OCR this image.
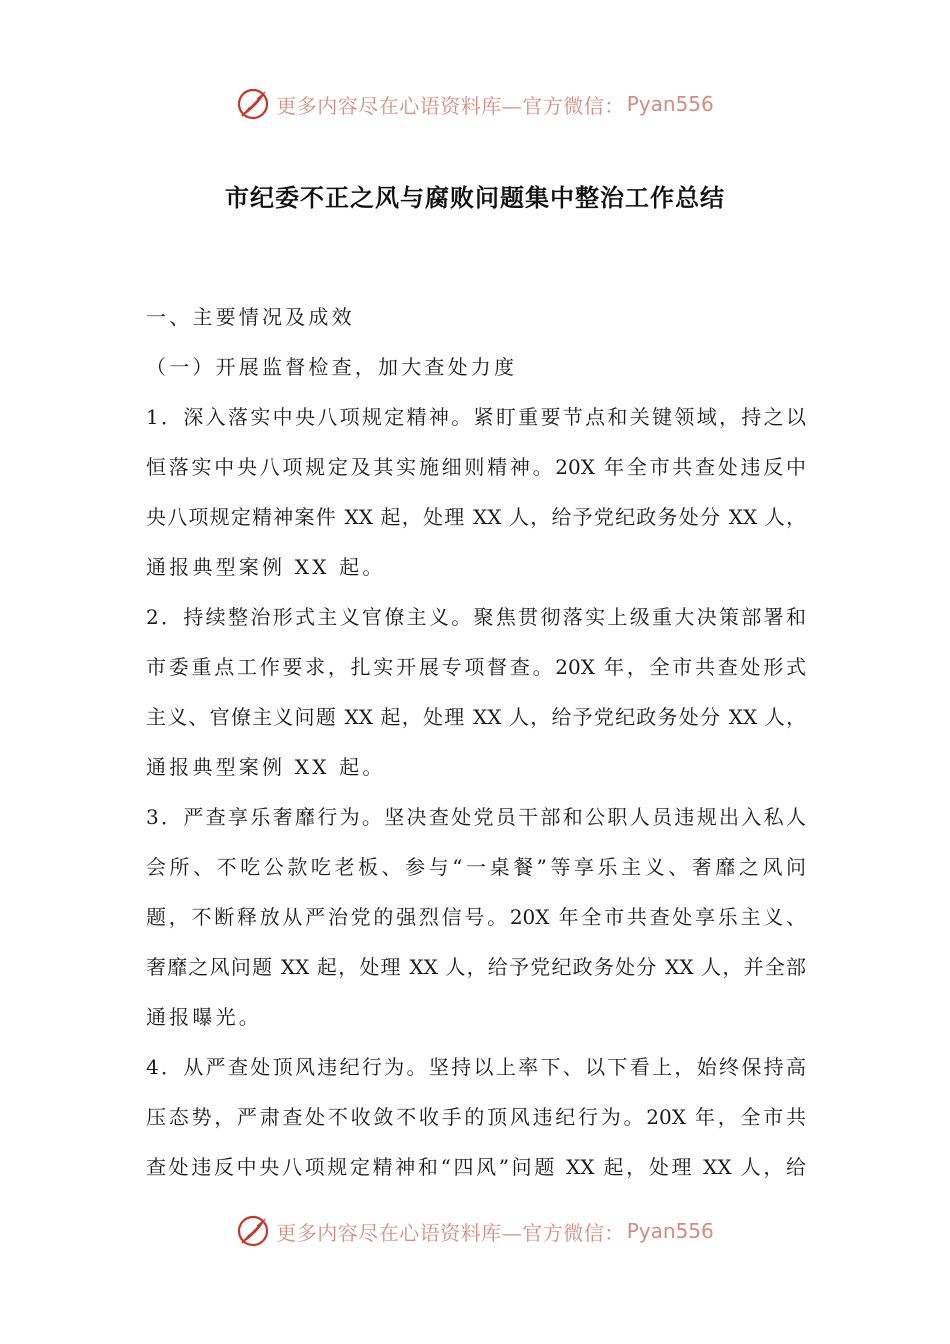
更多内容尽在心语资料库—官方微信： Pyan556
市纪委不正之风与腐败问题集中整治工作总结

一、主要情况及成效

（一）开展监督检查，加大查处力度

1．深入落实中央八项规定精神。紧盯重要节点和关键领域，持之以

恒落实中央八项规定及其实施细则精神。20X 年全市共查处违反中

央八项规定精神案件 XX 起，处理 XX 人，给予党纪政务处分 XX 人，

通报典型案例 XX 起。

2．持续整治形式主义官僚主义。聚焦贯彻落实上级重大决策部署和

市委重点工作要求，扎实开展专项督查。20X 年，全市共查处形式

主义、官僚主义问题 XX 起，处理 XX 人，给予党纪政务处分 XX 人，

通报典型案例 XX 起。

3．严查享乐奢靡行为。坚决查处党员干部和公职人员违规出入私人

会所、不吃公款吃老板、参与“一桌餐”等享乐主义、奢靡之风问

题，不断释放从严治党的强烈信号。20X 年全市共查处享乐主义、

奢靡之风问题 XX 起，处理 XX 人，给予党纪政务处分 XX 人，并全部

通报曝光。

4．从严查处顶风违纪行为。坚持以上率下、以下看上，始终保持高

压态势，严肃查处不收敛不收手的顶风违纪行为。20X 年，全市共

查处违反中央八项规定精神和“四风”问题 XX 起，处理 XX 人，给

更多内容尽在心语资料库—官方微信： Pyan556
